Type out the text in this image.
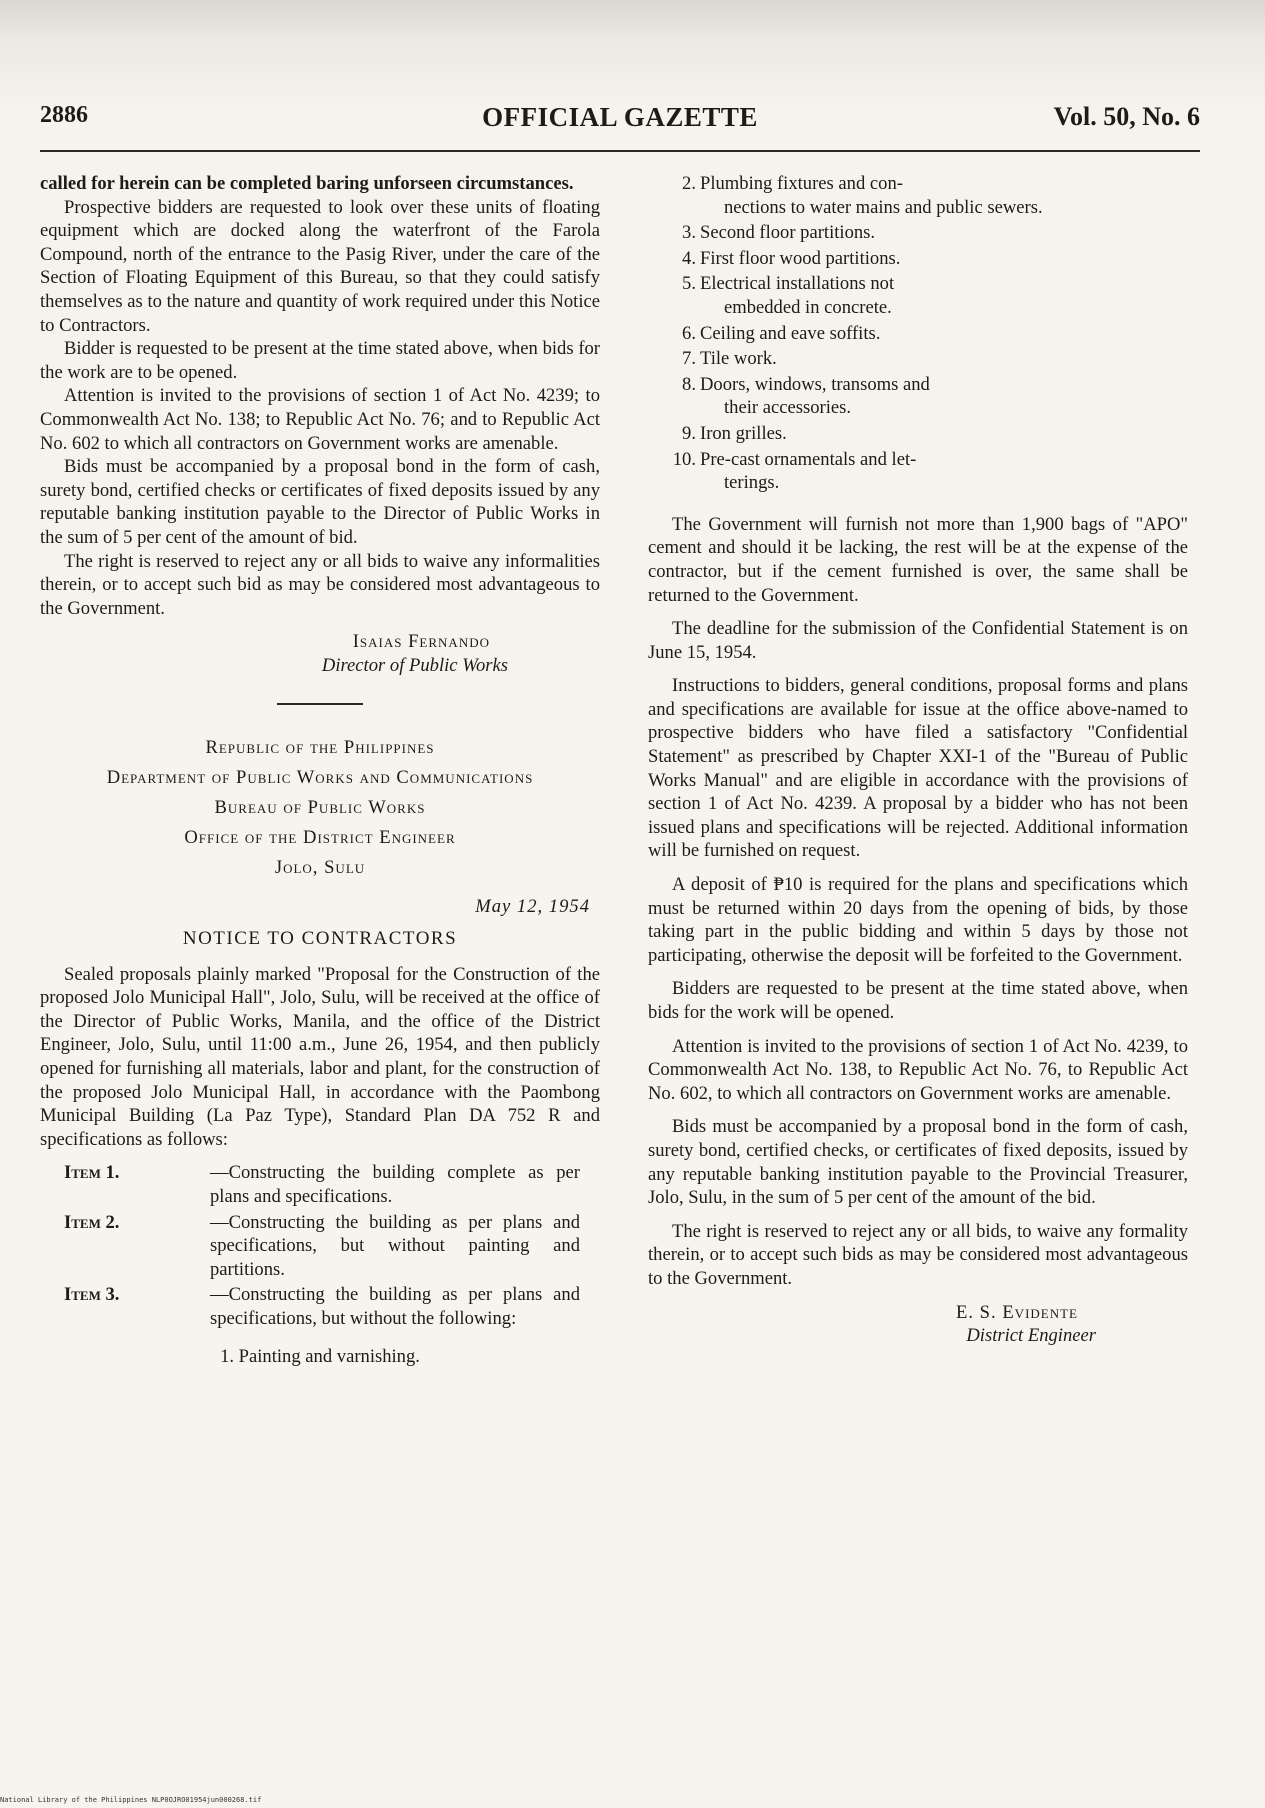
2886	OFFICIAL GAZETTE	Vol. 50, No. 6

called for herein can be completed baring unforseen circumstances.

Prospective bidders are requested to look over these units of floating equipment which are docked along the waterfront of the Farola Compound, north of the entrance to the Pasig River, under the care of the Section of Floating Equipment of this Bureau, so that they could satisfy themselves as to the nature and quantity of work required under this Notice to Contractors.

Bidder is requested to be present at the time stated above, when bids for the work are to be opened.

Attention is invited to the provisions of section 1 of Act No. 4239; to Commonwealth Act No. 138; to Republic Act No. 76; and to Republic Act No. 602 to which all contractors on Government works are amenable.

Bids must be accompanied by a proposal bond in the form of cash, surety bond, certified checks or certificates of fixed deposits issued by any reputable banking institution payable to the Director of Public Works in the sum of 5 per cent of the amount of bid.

The right is reserved to reject any or all bids to waive any informalities therein, or to accept such bid as may be considered most advantageous to the Government.

Isaias Fernando
Director of Public Works
Republic of the Philippines
Department of Public Works and Communications
Bureau of Public Works
Office of the District Engineer
Jolo, Sulu
May 12, 1954
NOTICE TO CONTRACTORS

Sealed proposals plainly marked "Proposal for the Construction of the proposed Jolo Municipal Hall", Jolo, Sulu, will be received at the office of the Director of Public Works, Manila, and the office of the District Engineer, Jolo, Sulu, until 11:00 a.m., June 26, 1954, and then publicly opened for furnishing all materials, labor and plant, for the construction of the proposed Jolo Municipal Hall, in accordance with the Paombong Municipal Building (La Paz Type), Standard Plan DA 752 R and specifications as follows:

Item 1.	—Constructing the building complete as per plans and specifications.
Item 2.	—Constructing the building as per plans and specifications, but without painting and partitions.
Item 3.	—Constructing the building as per plans and specifications, but without the following:
1. Painting and varnishing.
2. Plumbing fixtures and con-
nections to water mains and public sewers.
3. Second floor partitions.
4. First floor wood partitions.
5. Electrical installations not
embedded in concrete.
6. Ceiling and eave soffits.
7. Tile work.
8. Doors, windows, transoms and
their accessories.
9. Iron grilles.
10. Pre-cast ornamentals and let-
terings.

The Government will furnish not more than 1,900 bags of "APO" cement and should it be lacking, the rest will be at the expense of the contractor, but if the cement furnished is over, the same shall be returned to the Government.

The deadline for the submission of the Confidential Statement is on June 15, 1954.

Instructions to bidders, general conditions, proposal forms and plans and specifications are available for issue at the office above-named to prospective bidders who have filed a satisfactory "Confidential Statement" as prescribed by Chapter XXI-1 of the "Bureau of Public Works Manual" and are eligible in accordance with the provisions of section 1 of Act No. 4239. A proposal by a bidder who has not been issued plans and specifications will be rejected. Additional information will be furnished on request.

A deposit of ₱10 is required for the plans and specifications which must be returned within 20 days from the opening of bids, by those taking part in the public bidding and within 5 days by those not participating, otherwise the deposit will be forfeited to the Government.

Bidders are requested to be present at the time stated above, when bids for the work will be opened.

Attention is invited to the provisions of section 1 of Act No. 4239, to Commonwealth Act No. 138, to Republic Act No. 76, to Republic Act No. 602, to which all contractors on Government works are amenable.

Bids must be accompanied by a proposal bond in the form of cash, surety bond, certified checks, or certificates of fixed deposits, issued by any reputable banking institution payable to the Provincial Treasurer, Jolo, Sulu, in the sum of 5 per cent of the amount of the bid.

The right is reserved to reject any or all bids, to waive any formality therein, or to accept such bids as may be considered most advantageous to the Government.

E. S. Evidente
District Engineer
National Library of the Philippines NLP0OJRO01954jun000268.tif
